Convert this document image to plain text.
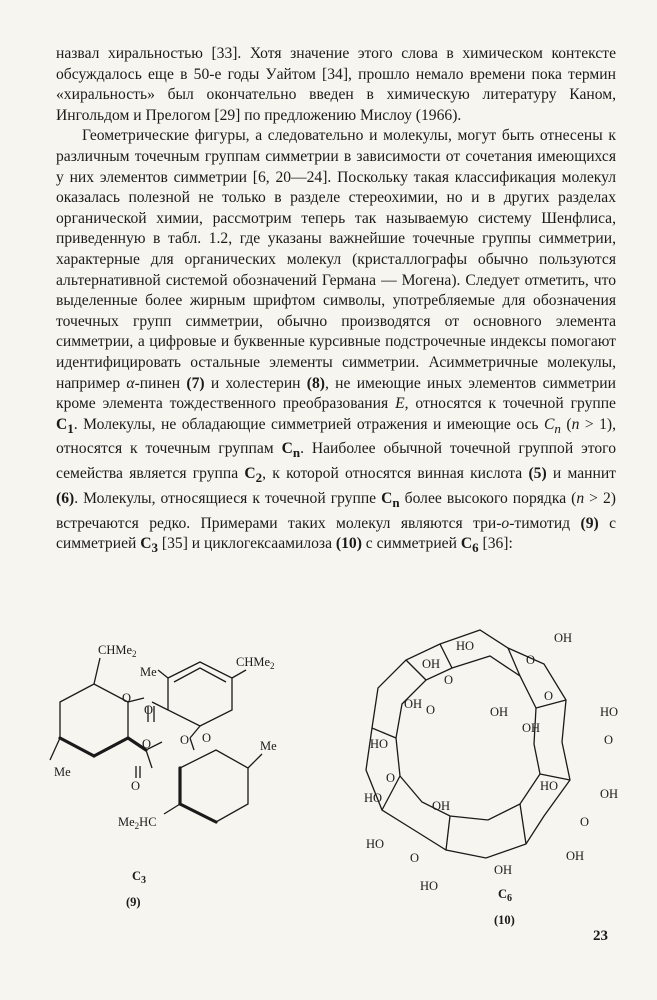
назвал хиральностью [33]. Хотя значение этого слова в химическом контексте обсуждалось еще в 50-е годы Уайтом [34], прошло немало времени пока термин «хиральность» был окончательно введен в химическую литературу Каном, Ингольдом и Прелогом [29] по предложению Мислоу (1966).

Геометрические фигуры, а следовательно и молекулы, могут быть отнесены к различным точечным группам симметрии в зависимости от сочетания имеющихся у них элементов симметрии [6, 20—24]. Поскольку такая классификация молекул оказалась полезной не только в разделе стереохимии, но и в других разделах органической химии, рассмотрим теперь так называемую систему Шенфлиса, приведенную в табл. 1.2, где указаны важнейшие точечные группы симметрии, характерные для органических молекул (кристаллографы обычно пользуются альтернативной системой обозначений Германа — Могена). Следует отметить, что выделенные более жирным шрифтом символы, употребляемые для обозначения точечных групп симметрии, обычно производятся от основного элемента симметрии, а цифровые и буквенные курсивные подстрочечные индексы помогают идентифицировать остальные элементы симметрии. Асимметричные молекулы, например α-пинен (7) и холестерин (8), не имеющие иных элементов симметрии кроме элемента тождественного преобразования E, относятся к точечной группе $C_1$. Молекулы, не обладающие симметрией отражения и имеющие ось $C_n$ (n > 1), относятся к точечным группам $C_n$. Наиболее обычной точечной группой этого семейства является группа $C_2$, к которой относятся винная кислота (5) и маннит (6). Молекулы, относящиеся к точечной группе $C_n$ более высокого порядка (n > 2) встречаются редко. Примерами таких молекул являются три-о-тимотид (9) с симметрией $C_3$ [35] и циклогексаамилоза (10) с симметрией $C_6$ [36]:

CHMe$_2$
Me
CHMe$_2$
O
O
O
O O
O
Me
Me
$Me_2HC$
$C_3$
(9)
OH
HO
OH
O
O
OH
OH
O
O
HO
OH
HO
O
O
HO
HO
OH
OH
O
HO
O	OH
OH
HO
$C_6$
(10)
23
